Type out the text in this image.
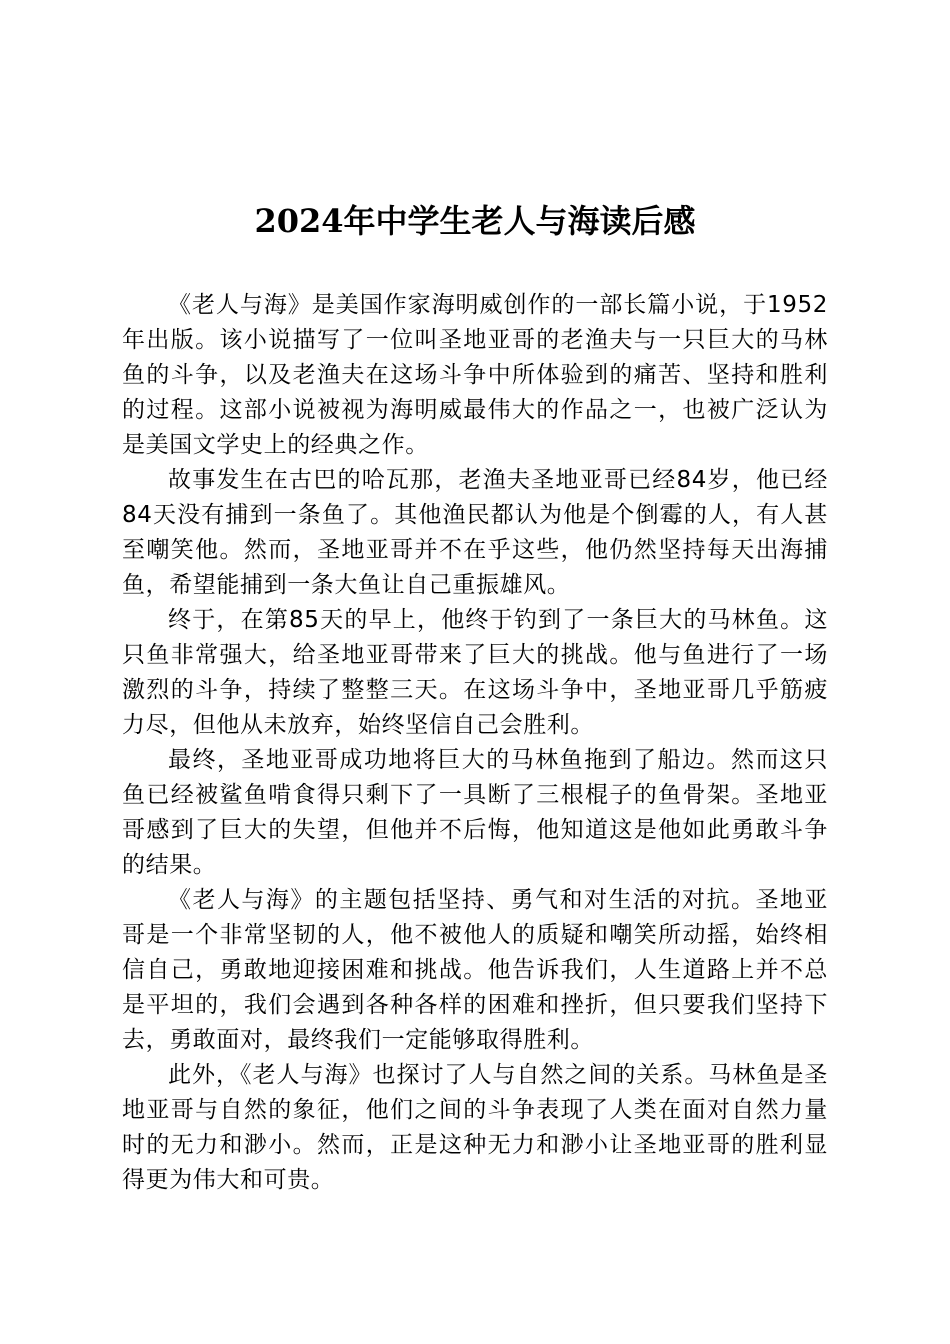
2024年中学生老人与海读后感

《老人与海》是美国作家海明威创作的一部长篇小说，于1952年出版。该小说描写了一位叫圣地亚哥的老渔夫与一只巨大的马林鱼的斗争，以及老渔夫在这场斗争中所体验到的痛苦、坚持和胜利的过程。这部小说被视为海明威最伟大的作品之一，也被广泛认为是美国文学史上的经典之作。

故事发生在古巴的哈瓦那，老渔夫圣地亚哥已经84岁，他已经84天没有捕到一条鱼了。其他渔民都认为他是个倒霉的人，有人甚至嘲笑他。然而，圣地亚哥并不在乎这些，他仍然坚持每天出海捕鱼，希望能捕到一条大鱼让自己重振雄风。

终于，在第85天的早上，他终于钓到了一条巨大的马林鱼。这只鱼非常强大，给圣地亚哥带来了巨大的挑战。他与鱼进行了一场激烈的斗争，持续了整整三天。在这场斗争中，圣地亚哥几乎筋疲力尽，但他从未放弃，始终坚信自己会胜利。

最终，圣地亚哥成功地将巨大的马林鱼拖到了船边。然而这只鱼已经被鲨鱼啃食得只剩下了一具断了三根棍子的鱼骨架。圣地亚哥感到了巨大的失望，但他并不后悔，他知道这是他如此勇敢斗争的结果。

《老人与海》的主题包括坚持、勇气和对生活的对抗。圣地亚哥是一个非常坚韧的人，他不被他人的质疑和嘲笑所动摇，始终相信自己，勇敢地迎接困难和挑战。他告诉我们，人生道路上并不总是平坦的，我们会遇到各种各样的困难和挫折，但只要我们坚持下去，勇敢面对，最终我们一定能够取得胜利。

此外，《老人与海》也探讨了人与自然之间的关系。马林鱼是圣地亚哥与自然的象征，他们之间的斗争表现了人类在面对自然力量时的无力和渺小。然而，正是这种无力和渺小让圣地亚哥的胜利显得更为伟大和可贵。
